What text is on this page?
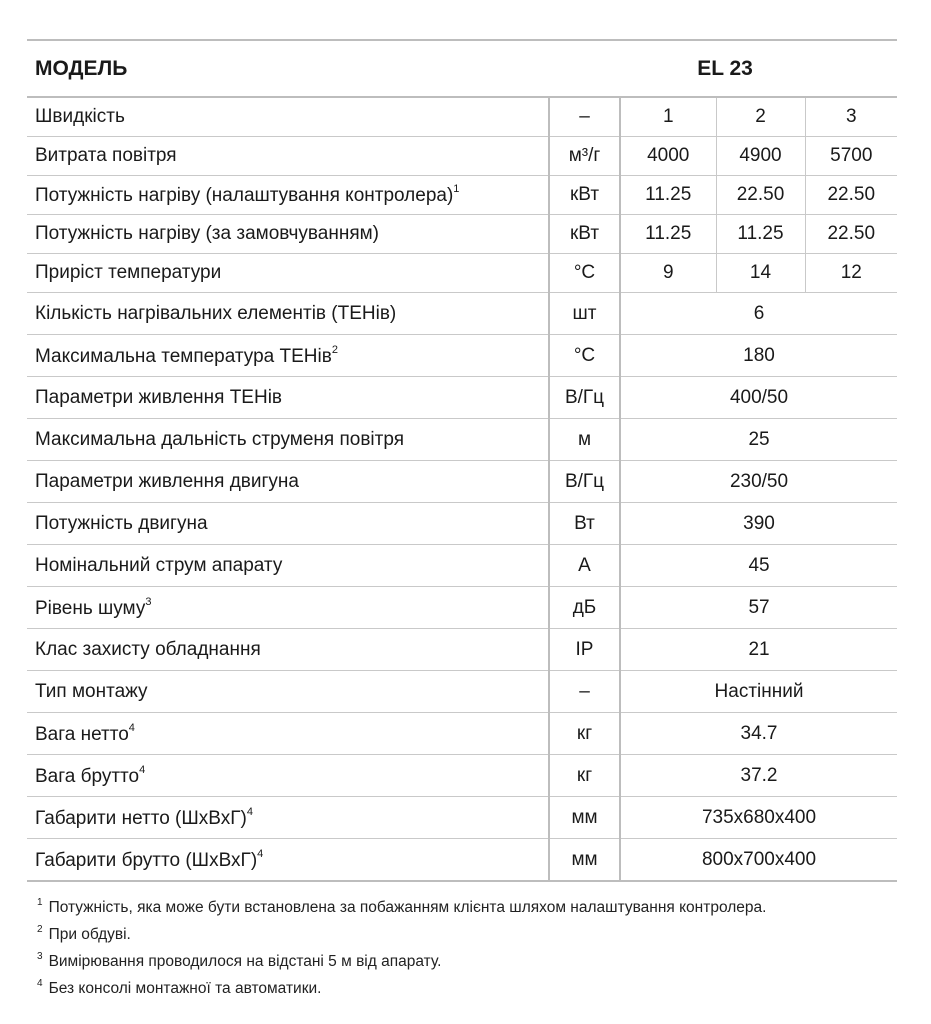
МОДЕЛЬ	EL 23			
Швидкість	–	1	2	3
Витрата повітря	м³/г	4000	4900	5700
Потужність нагріву (налаштування контролера)$^1$	кВт	11.25	22.50	22.50
Потужність нагріву (за замовчуванням)	кВт	11.25	11.25	22.50
Приріст температури	°C	9	14	12
Кількість нагрівальних елементів (ТЕНів)	шт	6		
Максимальна температура ТЕНів$^2$	°C	180		
Параметри живлення ТЕНів	В/Гц	400/50		
Максимальна дальність струменя повітря	м	25		
Параметри живлення двигуна	В/Гц	230/50		
Потужність двигуна	Вт	390		
Номінальний струм апарату	А	45		
Рівень шуму$^3$	дБ	57		
Клас захисту обладнання	IP	21		
Тип монтажу	–	Настінний		
Вага нетто$^4$	кг	34.7		
Вага брутто$^4$	кг	37.2		
Габарити нетто (ШхВхГ)$^4$	мм	735x680x400		
Габарити брутто (ШхВхГ)$^4$	мм	800x700x400		
$^1$ Потужність, яка може бути встановлена за побажанням клієнта шляхом налаштування контролера.
$^2$ При обдуві.
$^3$ Вимірювання проводилося на відстані 5 м від апарату.
$^4$ Без консолі монтажної та автоматики.
